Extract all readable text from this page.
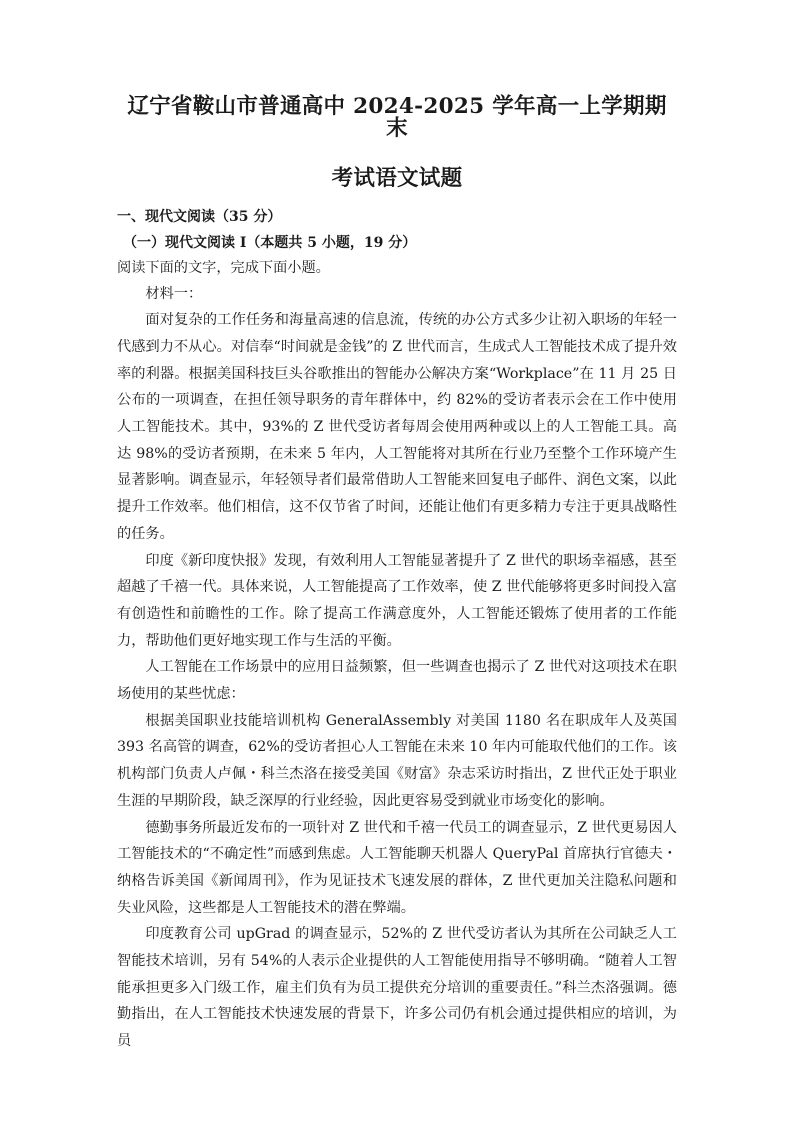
辽宁省鞍山市普通高中 2024-2025 学年高一上学期期末
考试语文试题

一、现代文阅读（35 分）

（一）现代文阅读 I（本题共 5 小题，19 分）

阅读下面的文字，完成下面小题。

材料一：

面对复杂的工作任务和海量高速的信息流，传统的办公方式多少让初入职场的年轻一代感到力不从心。对信奉“时间就是金钱”的 Z 世代而言，生成式人工智能技术成了提升效率的利器。根据美国科技巨头谷歌推出的智能办公解决方案“Workplace”在 11 月 25 日公布的一项调查，在担任领导职务的青年群体中，约 82%的受访者表示会在工作中使用人工智能技术。其中，93%的 Z 世代受访者每周会使用两种或以上的人工智能工具。高达 98%的受访者预期，在未来 5 年内，人工智能将对其所在行业乃至整个工作环境产生显著影响。调查显示，年轻领导者们最常借助人工智能来回复电子邮件、润色文案，以此提升工作效率。他们相信，这不仅节省了时间，还能让他们有更多精力专注于更具战略性的任务。

印度《新印度快报》发现，有效利用人工智能显著提升了 Z 世代的职场幸福感，甚至超越了千禧一代。具体来说，人工智能提高了工作效率，使 Z 世代能够将更多时间投入富有创造性和前瞻性的工作。除了提高工作满意度外，人工智能还锻炼了使用者的工作能力，帮助他们更好地实现工作与生活的平衡。

人工智能在工作场景中的应用日益频繁，但一些调查也揭示了 Z 世代对这项技术在职场使用的某些忧虑：

根据美国职业技能培训机构 GeneralAssembly 对美国 1180 名在职成年人及英国 393 名高管的调查，62%的受访者担心人工智能在未来 10 年内可能取代他们的工作。该机构部门负责人卢佩・科兰杰洛在接受美国《财富》杂志采访时指出，Z 世代正处于职业生涯的早期阶段，缺乏深厚的行业经验，因此更容易受到就业市场变化的影响。

德勤事务所最近发布的一项针对 Z 世代和千禧一代员工的调查显示，Z 世代更易因人工智能技术的“不确定性”而感到焦虑。人工智能聊天机器人 QueryPal 首席执行官德夫・纳格告诉美国《新闻周刊》，作为见证技术飞速发展的群体，Z 世代更加关注隐私问题和失业风险，这些都是人工智能技术的潜在弊端。

印度教育公司 upGrad 的调查显示，52%的 Z 世代受访者认为其所在公司缺乏人工智能技术培训，另有 54%的人表示企业提供的人工智能使用指导不够明确。“随着人工智能承担更多入门级工作，雇主们负有为员工提供充分培训的重要责任。”科兰杰洛强调。德勤指出，在人工智能技术快速发展的背景下，许多公司仍有机会通过提供相应的培训，为员
